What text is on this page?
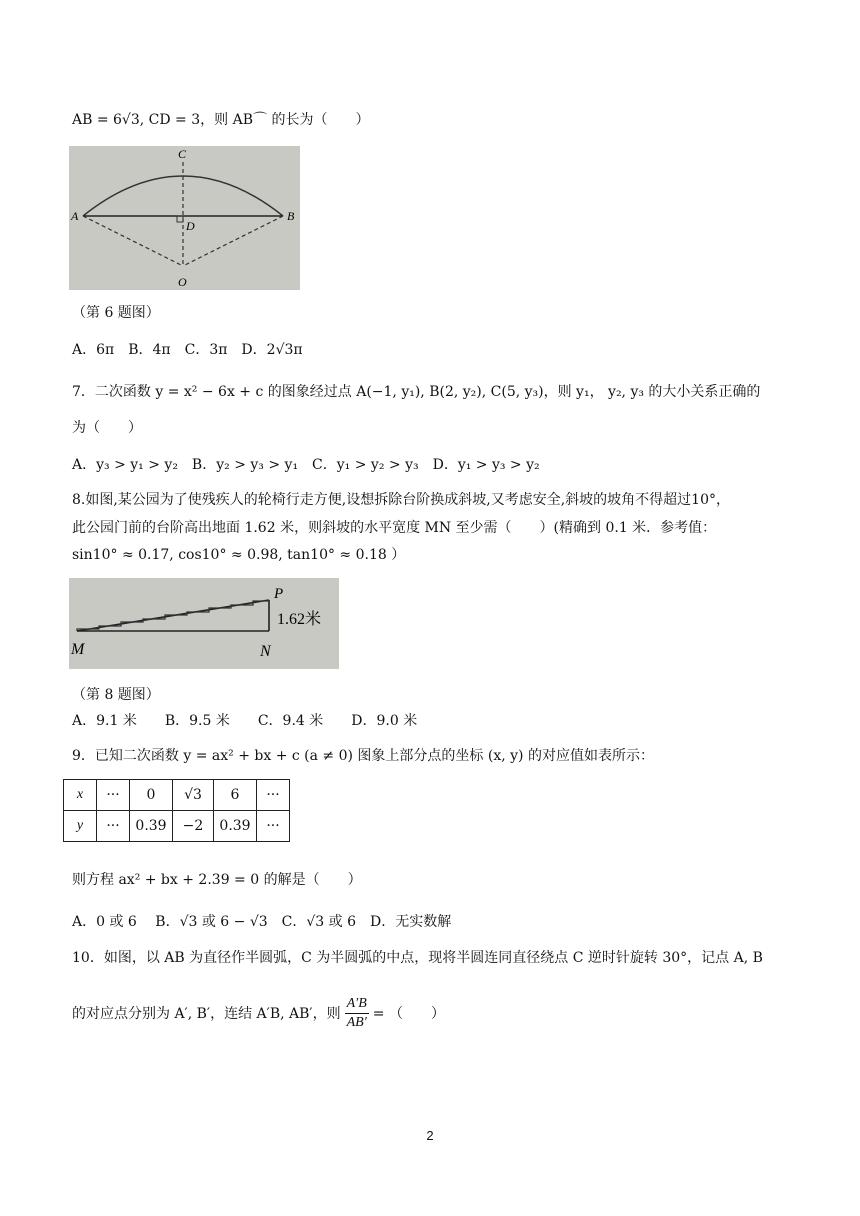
AB = 6√3, CD = 3，则 AB⌒ 的长为（　　）
C
A	B
D
O
（第 6 题图）
A．6π　B．4π　C．3π　D．2√3π
7．二次函数 y = x² − 6x + c 的图象经过点 A(−1, y₁), B(2, y₂), C(5, y₃)，则 y₁， y₂, y₃ 的大小关系正确的
为（　　）
A．y₃ > y₁ > y₂　B．y₂ > y₃ > y₁　C．y₁ > y₂ > y₃　D．y₁ > y₃ > y₂
8.如图,某公园为了使残疾人的轮椅行走方便,设想拆除台阶换成斜坡,又考虑安全,斜坡的坡角不得超过10°，
此公园门前的台阶高出地面 1.62 米，则斜坡的水平宽度 MN 至少需（　　）(精确到 0.1 米．参考值：
sin10° ≈ 0.17, cos10° ≈ 0.98, tan10° ≈ 0.18 ）
P
1.62米
M	N
（第 8 题图）
A．9.1 米　　B．9.5 米　　C．9.4 米　　D．9.0 米
9．已知二次函数 y = ax² + bx + c (a ≠ 0) 图象上部分点的坐标 (x, y) 的对应值如表所示：
x	···	0	√3	6	···
y	···	0.39	−2	0.39	···
则方程 ax² + bx + 2.39 = 0 的解是（　　）
A．0 或 6　 B．√3 或 6 − √3　C．√3 或 6　D．无实数解
10．如图，以 AB 为直径作半圆弧，C 为半圆弧的中点，现将半圆连同直径绕点 C 逆时针旋转 30°，记点 A, B
的对应点分别为 A′, B′，连结 A′B, AB′，则 $\frac{A'B}{AB'}$ = （　　）
2
